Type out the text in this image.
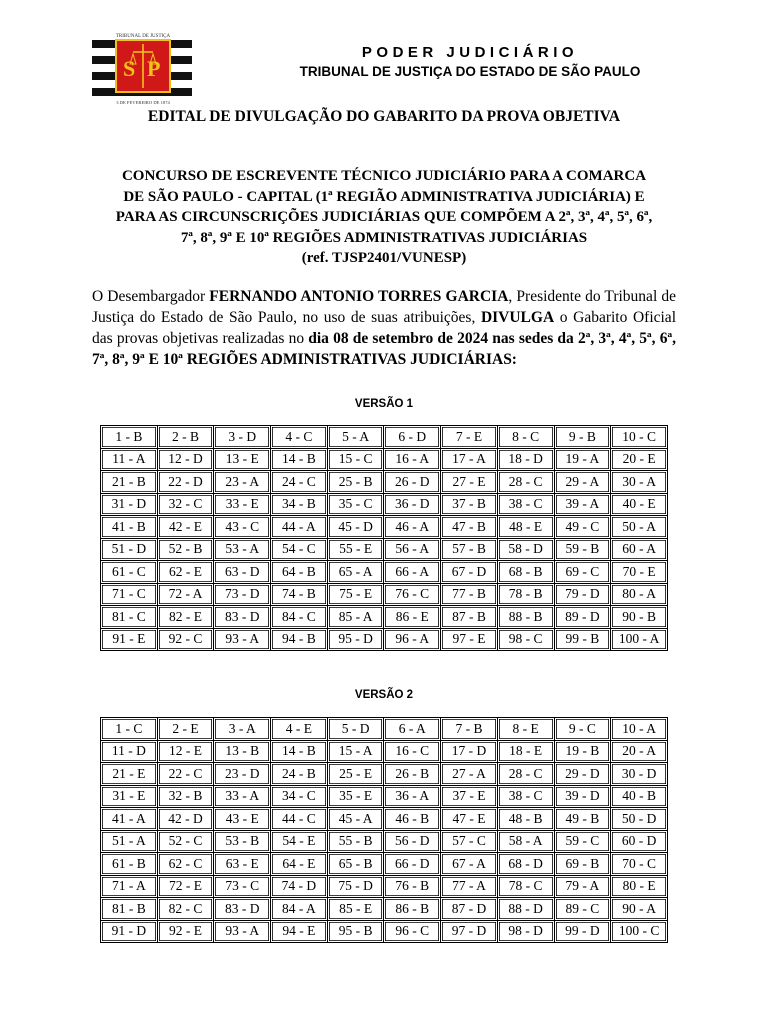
S P
TRIBUNAL DE JUSTIÇA
3 DE FEVEREIRO DE 1874
PODER JUDICIÁRIO
TRIBUNAL DE JUSTIÇA DO ESTADO DE SÃO PAULO
EDITAL DE DIVULGAÇÃO DO GABARITO DA PROVA OBJETIVA
CONCURSO DE ESCREVENTE TÉCNICO JUDICIÁRIO PARA A COMARCA
DE SÃO PAULO - CAPITAL (1ª REGIÃO ADMINISTRATIVA JUDICIÁRIA) E
PARA AS CIRCUNSCRIÇÕES JUDICIÁRIAS QUE COMPÕEM A 2ª, 3ª, 4ª, 5ª, 6ª,
7ª, 8ª, 9ª E 10ª REGIÕES ADMINISTRATIVAS JUDICIÁRIAS
(ref. TJSP2401/VUNESP)
O Desembargador FERNANDO ANTONIO TORRES GARCIA, Presidente do Tribunal de Justiça do Estado de São Paulo, no uso de suas atribuições, DIVULGA o Gabarito Oficial das provas objetivas realizadas no dia 08 de setembro de 2024 nas sedes da 2ª, 3ª, 4ª, 5ª, 6ª, 7ª, 8ª, 9ª E 10ª REGIÕES ADMINISTRATIVAS JUDICIÁRIAS:
VERSÃO 1
1 - B	2 - B	3 - D	4 - C	5 - A	6 - D	7 - E	8 - C	9 - B	10 - C
11 - A	12 - D	13 - E	14 - B	15 - C	16 - A	17 - A	18 - D	19 - A	20 - E
21 - B	22 - D	23 - A	24 - C	25 - B	26 - D	27 - E	28 - C	29 - A	30 - A
31 - D	32 - C	33 - E	34 - B	35 - C	36 - D	37 - B	38 - C	39 - A	40 - E
41 - B	42 - E	43 - C	44 - A	45 - D	46 - A	47 - B	48 - E	49 - C	50 - A
51 - D	52 - B	53 - A	54 - C	55 - E	56 - A	57 - B	58 - D	59 - B	60 - A
61 - C	62 - E	63 - D	64 - B	65 - A	66 - A	67 - D	68 - B	69 - C	70 - E
71 - C	72 - A	73 - D	74 - B	75 - E	76 - C	77 - B	78 - B	79 - D	80 - A
81 - C	82 - E	83 - D	84 - C	85 - A	86 - E	87 - B	88 - B	89 - D	90 - B
91 - E	92 - C	93 - A	94 - B	95 - D	96 - A	97 - E	98 - C	99 - B	100 - A
VERSÃO 2
1 - C	2 - E	3 - A	4 - E	5 - D	6 - A	7 - B	8 - E	9 - C	10 - A
11 - D	12 - E	13 - B	14 - B	15 - A	16 - C	17 - D	18 - E	19 - B	20 - A
21 - E	22 - C	23 - D	24 - B	25 - E	26 - B	27 - A	28 - C	29 - D	30 - D
31 - E	32 - B	33 - A	34 - C	35 - E	36 - A	37 - E	38 - C	39 - D	40 - B
41 - A	42 - D	43 - E	44 - C	45 - A	46 - B	47 - E	48 - B	49 - B	50 - D
51 - A	52 - C	53 - B	54 - E	55 - B	56 - D	57 - C	58 - A	59 - C	60 - D
61 - B	62 - C	63 - E	64 - E	65 - B	66 - D	67 - A	68 - D	69 - B	70 - C
71 - A	72 - E	73 - C	74 - D	75 - D	76 - B	77 - A	78 - C	79 - A	80 - E
81 - B	82 - C	83 - D	84 - A	85 - E	86 - B	87 - D	88 - D	89 - C	90 - A
91 - D	92 - E	93 - A	94 - E	95 - B	96 - C	97 - D	98 - D	99 - D	100 - C
